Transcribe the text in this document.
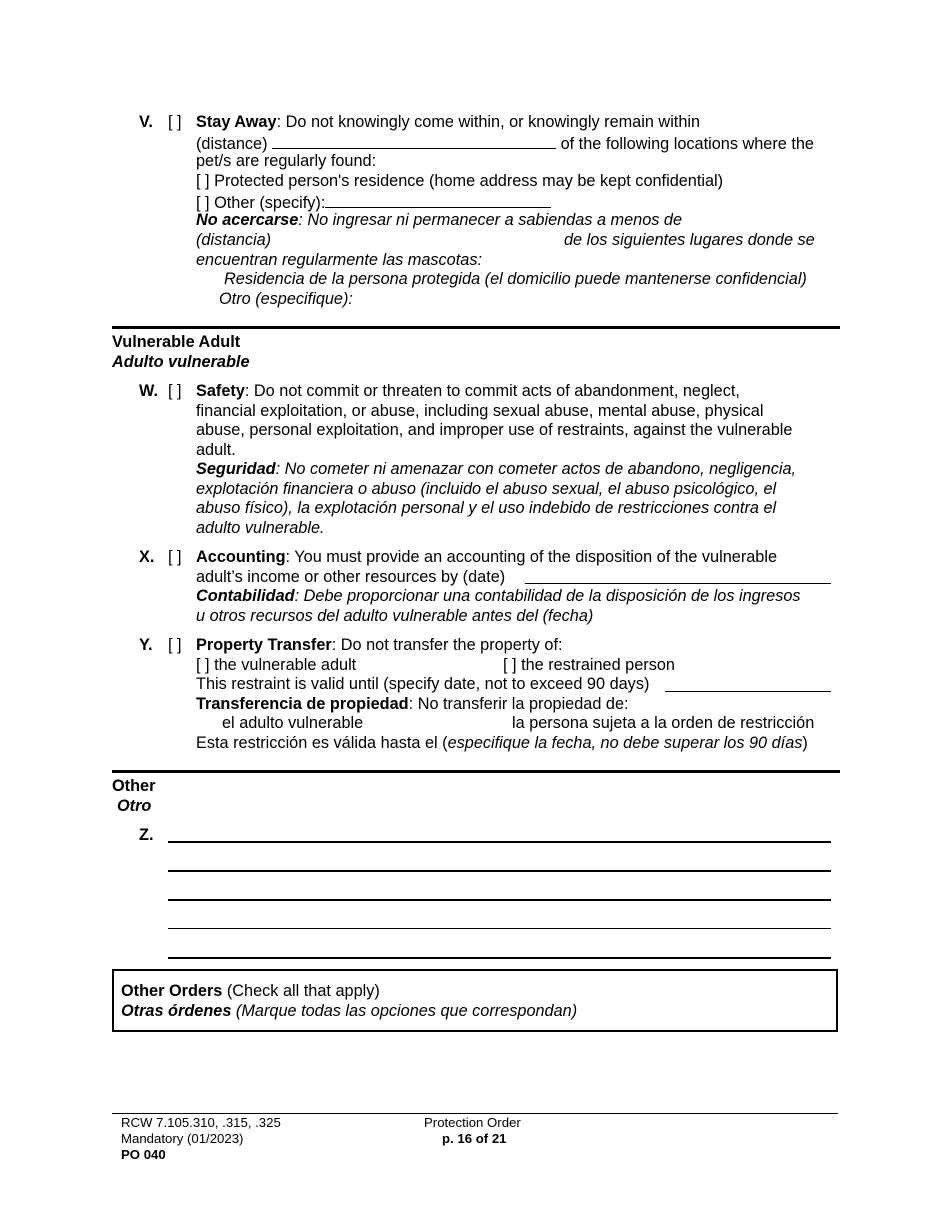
V. [ ] Stay Away: Do not knowingly come within, or knowingly remain within
(distance)	of the following locations where the
pet/s are regularly found:
[ ] Protected person's residence (home address may be kept confidential)
[ ] Other (specify):
No acercarse: No ingresar ni permanecer a sabiendas a menos de
(distancia)	de los siguientes lugares donde se
encuentran regularmente las mascotas:
Residencia de la persona protegida (el domicilio puede mantenerse confidencial)
Otro (especifique):
Vulnerable Adult
Adulto vulnerable
W. [ ] Safety: Do not commit or threaten to commit acts of abandonment, neglect,
financial exploitation, or abuse, including sexual abuse, mental abuse, physical
abuse, personal exploitation, and improper use of restraints, against the vulnerable
adult.
Seguridad: No cometer ni amenazar con cometer actos de abandono, negligencia,
explotación financiera o abuso (incluido el abuso sexual, el abuso psicológico, el
abuso físico), la explotación personal y el uso indebido de restricciones contra el
adulto vulnerable.
X. [ ] Accounting: You must provide an accounting of the disposition of the vulnerable
adult’s income or other resources by (date)
Contabilidad: Debe proporcionar una contabilidad de la disposición de los ingresos
u otros recursos del adulto vulnerable antes del (fecha)
Y. [ ] Property Transfer: Do not transfer the property of:
[ ] the vulnerable adult	[ ] the restrained person
This restraint is valid until (specify date, not to exceed 90 days)
Transferencia de propiedad: No transferir la propiedad de:
el adulto vulnerable	la persona sujeta a la orden de restricción
Esta restricción es válida hasta el (especifique la fecha, no debe superar los 90 días)
Other
Otro
Z.
Other Orders (Check all that apply)
Otras órdenes (Marque todas las opciones que correspondan)
RCW 7.105.310, .315, .325
Mandatory (01/2023)
PO 040
Protection Order
p. 16 of 21
